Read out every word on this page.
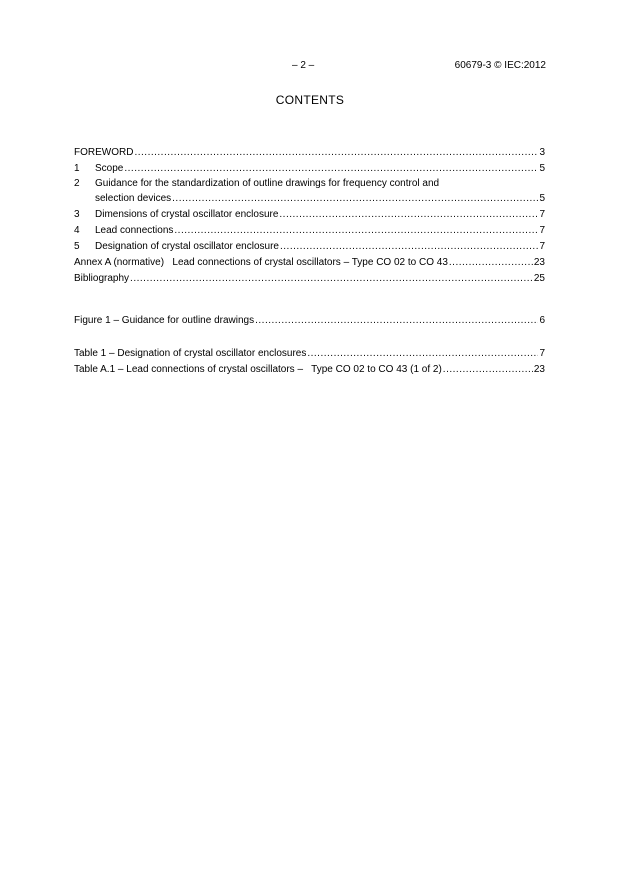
– 2 –	60679-3 © IEC:2012
CONTENTS
FOREWORD .....	3
1	Scope .....	5
2 Guidance for the standardization of outline drawings for frequency control and
selection devices .....	5
3	Dimensions of crystal oscillator enclosure .....	7
4	Lead connections .....	7
5	Designation of crystal oscillator enclosure .....	7
Annex A (normative)   Lead connections of crystal oscillators – Type CO 02 to CO 43 .....	23
Bibliography .....	25
Figure 1 – Guidance for outline drawings .....	6
Table 1 – Designation of crystal oscillator enclosures .....	7
Table A.1 – Lead connections of crystal oscillators –   Type CO 02 to CO 43 (1 of 2) .....	23
